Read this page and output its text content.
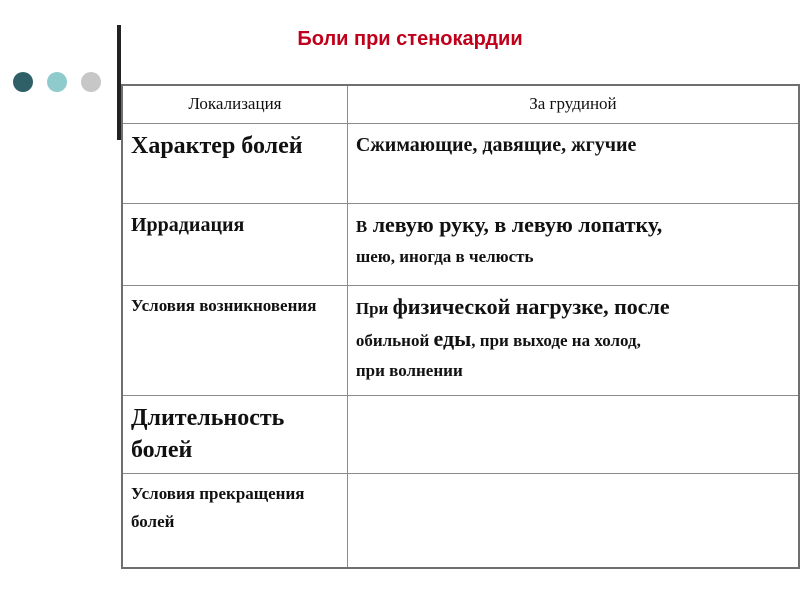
Боли при стенокардии
Локализация	За грудиной
Характер болей	Сжимающие, давящие, жгучие
Иррадиация	В левую руку, в левую лопатку,
шею, иногда в челюсть

Условия возникновения	При физической нагрузке, после
обильной еды, при выходе на холод,
при волнении

Длительность болей	
Условия прекращения болей	
